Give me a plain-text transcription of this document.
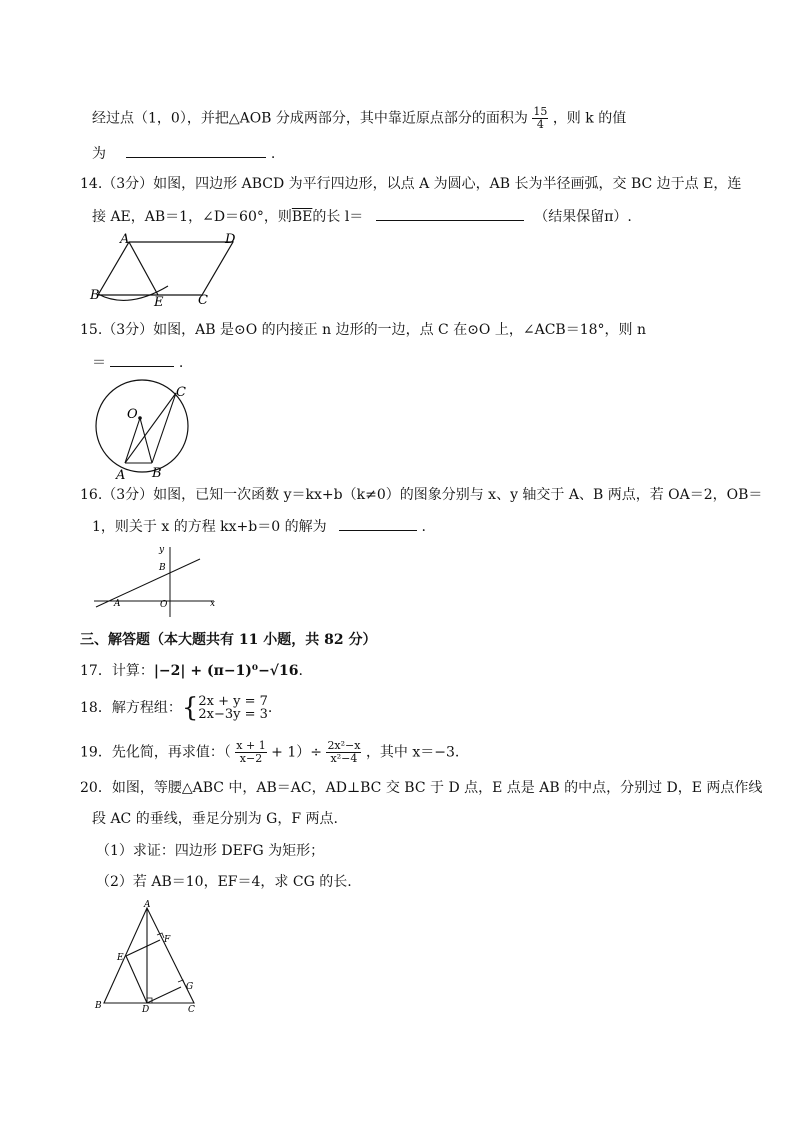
经过点（1，0），并把△AOB 分成两部分，其中靠近原点部分的面积为 $\frac{15}{4}$ ，则 k 的值
为	.
14.（3分）如图，四边形 ABCD 为平行四边形，以点 A 为圆心，AB 长为半径画弧，交 BC 边于点 E，连
接 AE，AB＝1，∠D＝60°，则$\overline{BE}$的长 l＝	（结果保留π）.
A	D
B	E	C
15.（3分）如图，AB 是⊙O 的内接正 n 边形的一边，点 C 在⊙O 上，∠ACB＝18°，则 n
＝	.
O
A B
C
16.（3分）如图，已知一次函数 y＝kx+b（k≠0）的图象分别与 x、y 轴交于 A、B 两点，若 OA＝2，OB＝
1，则关于 x 的方程 kx+b＝0 的解为	.
y
x
B
A	O
三、解答题（本大题共有 11 小题，共 82 分）
17．计算：|−2| + (π−1)⁰−√16.
18．解方程组：{ 2x + y = 7
2x−3y = 3 .
19．先化简，再求值：（ $\frac{x + 1}{x-2} + 1)\div \frac{\text{2x²−x}}{\text{x²−4}}$ ，其中 x＝−3.
20．如图，等腰△ABC 中，AB＝AC，AD⊥BC 交 BC 于 D 点，E 点是 AB 的中点，分别过 D，E 两点作线
段 AC 的垂线，垂足分别为 G，F 两点.
（1）求证：四边形 DEFG 为矩形；
（2）若 AB＝10，EF＝4，求 CG 的长.
A
F
E
G
B	D	C
